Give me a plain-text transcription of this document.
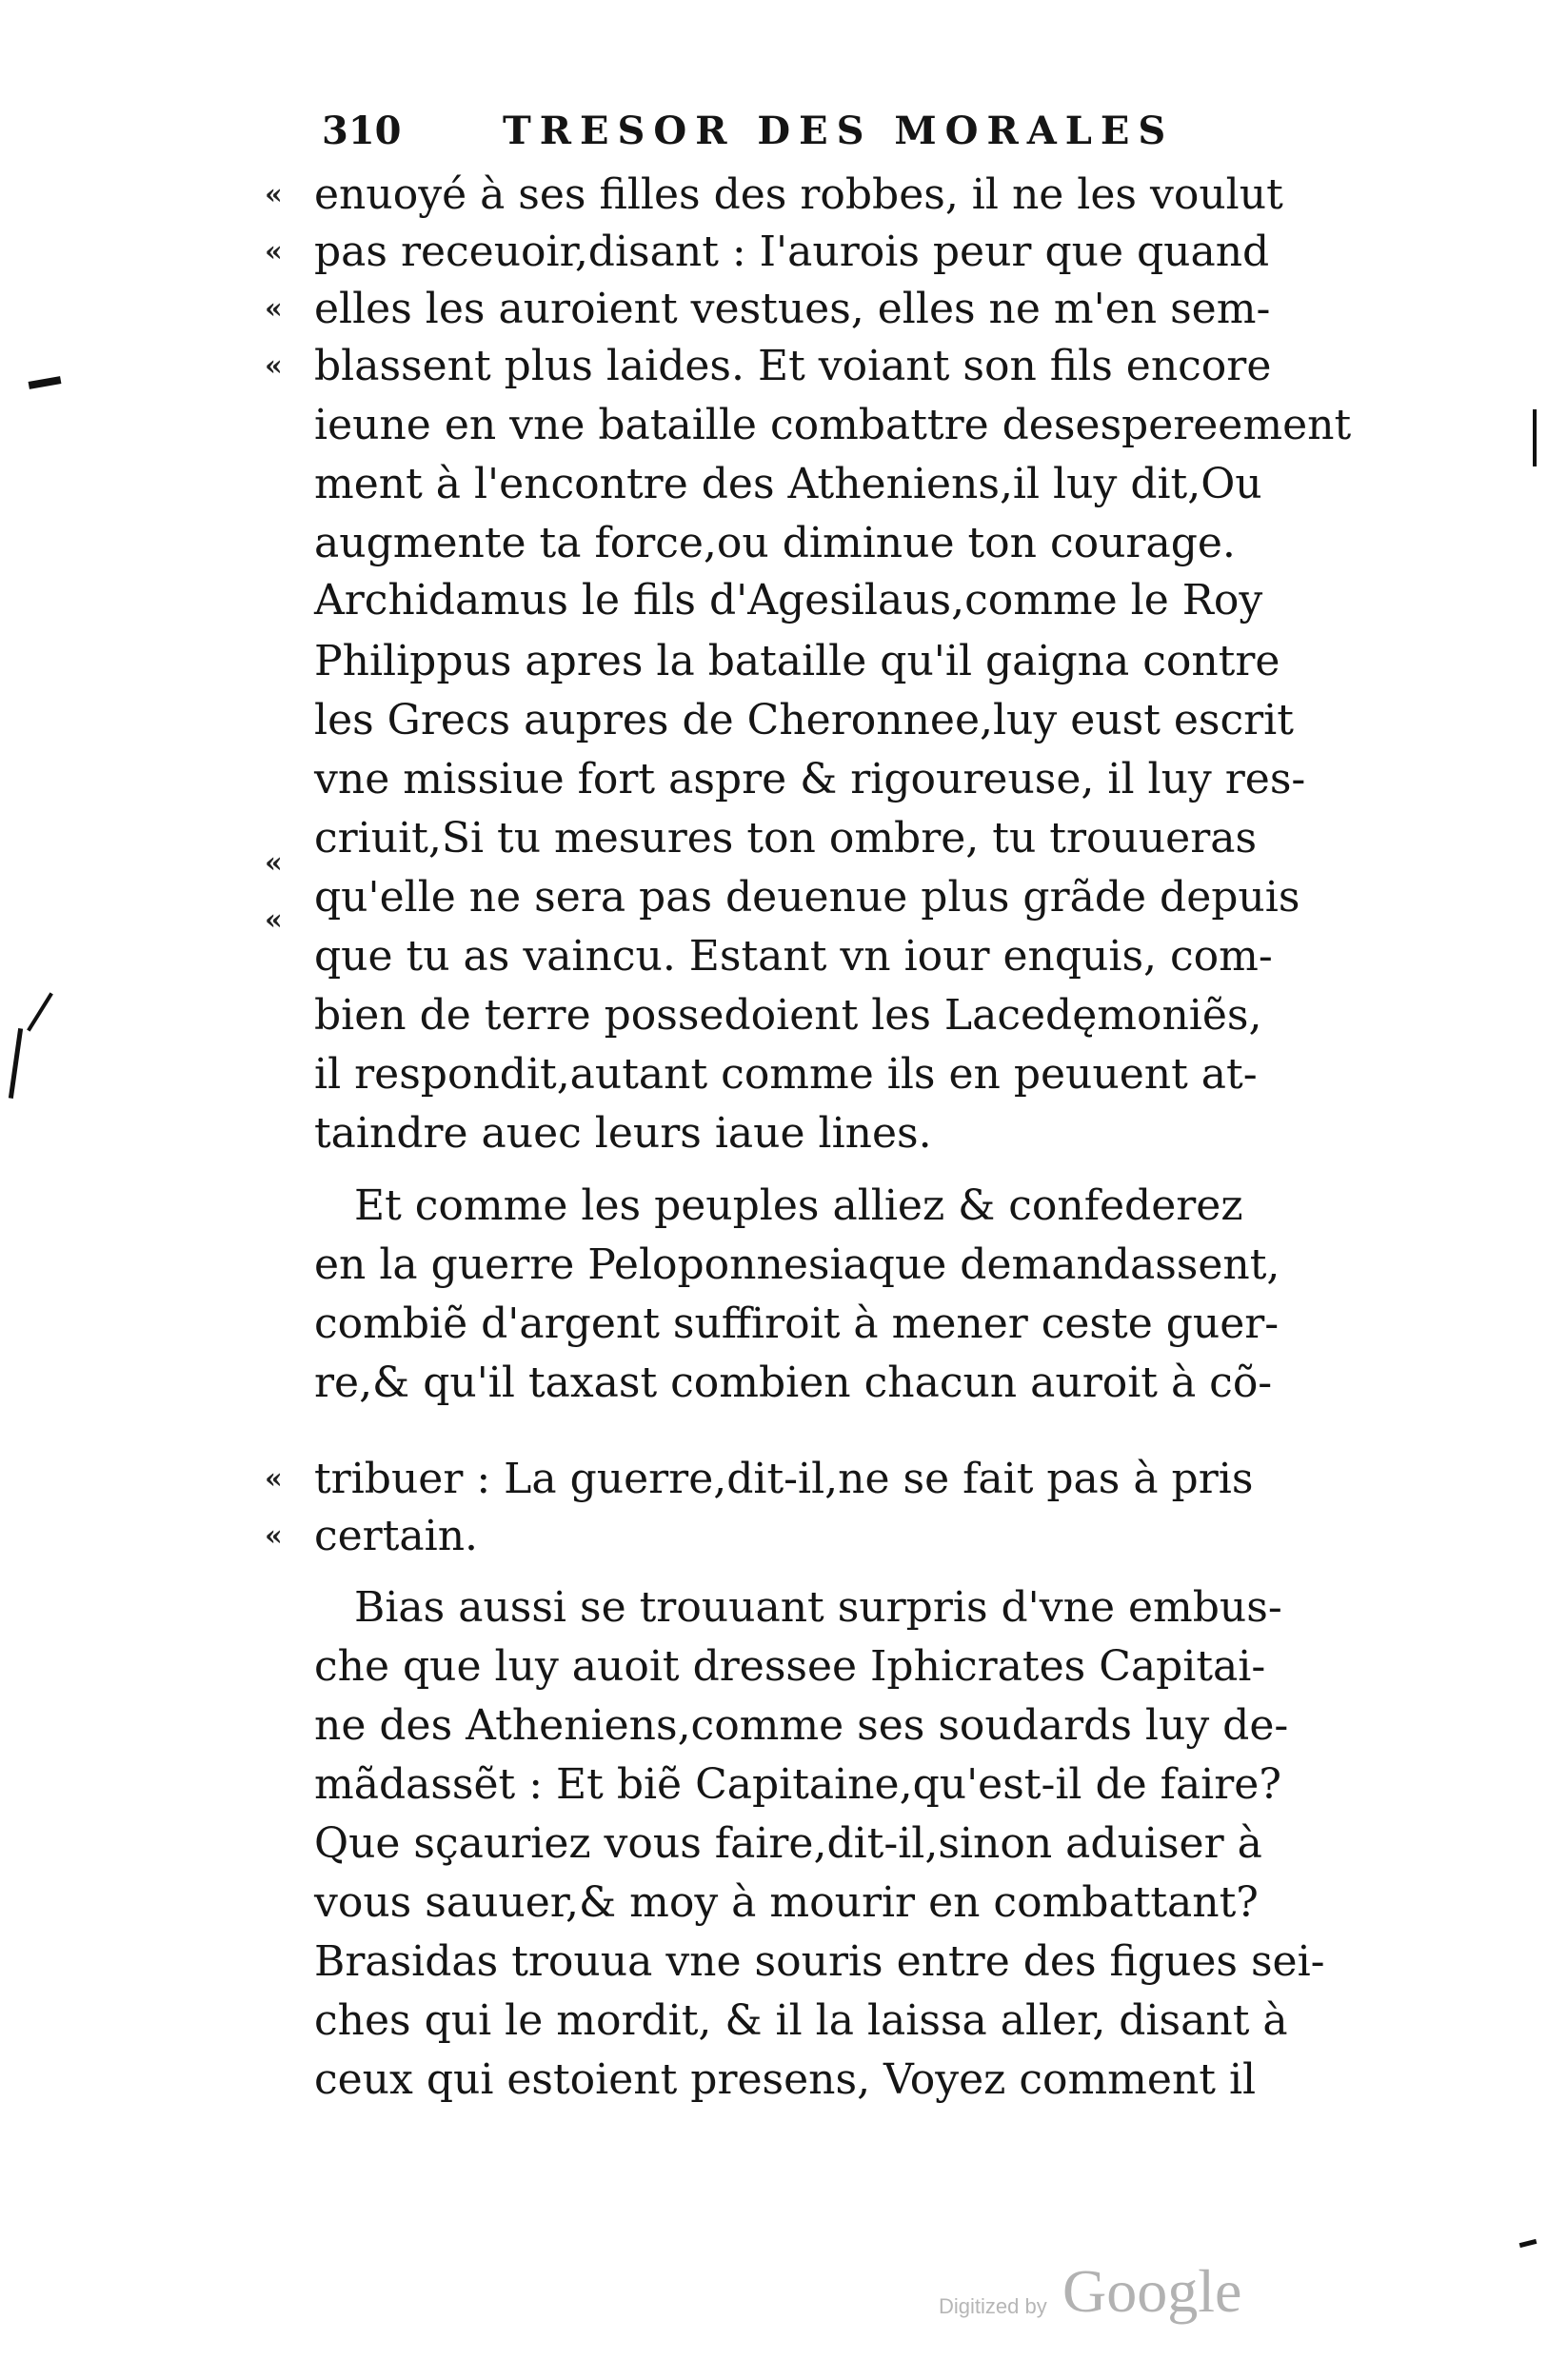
310	TRESOR DES MORALES
«
«
«
«
«
«
«
«
enuoyé à ses filles des robbes, il ne les voulut
pas receuoir,disant : I'aurois peur que quand
elles les auroient vestues, elles ne m'en sem-
blassent plus laides. Et voiant son fils encore
ieune en vne bataille combattre desespereement
ment à l'encontre des Atheniens,il luy dit,Ou
augmente ta force,ou diminue ton courage.
Archidamus le fils d'Agesilaus,comme le Roy
Philippus apres la bataille qu'il gaigna contre
les Grecs aupres de Cheronnee,luy eust escrit
vne missiue fort aspre & rigoureuse, il luy res-
criuit,Si tu mesures ton ombre, tu trouueras
qu'elle ne sera pas deuenue plus grãde depuis
que tu as vaincu. Estant vn iour enquis, com-
bien de terre possedoient les Lacedęmoniẽs,
il respondit,autant comme ils en peuuent at-
taindre auec leurs iaue lines.
Et comme les peuples alliez & confederez
en la guerre Peloponnesiaque demandassent,
combiẽ d'argent suffiroit à mener ceste guer-
re,& qu'il taxast combien chacun auroit à cõ-
tribuer : La guerre,dit-il,ne se fait pas à pris
certain.
Bias aussi se trouuant surpris d'vne embus-
che que luy auoit dressee Iphicrates Capitai-
ne des Atheniens,comme ses soudards luy de-
mãdassẽt : Et biẽ Capitaine,qu'est-il de faire?
Que sçauriez vous faire,dit-il,sinon aduiser à
vous sauuer,& moy à mourir en combattant?
Brasidas trouua vne souris entre des figues sei-
ches qui le mordit, & il la laissa aller, disant à
ceux qui estoient presens, Voyez comment il
Digitized by Google
